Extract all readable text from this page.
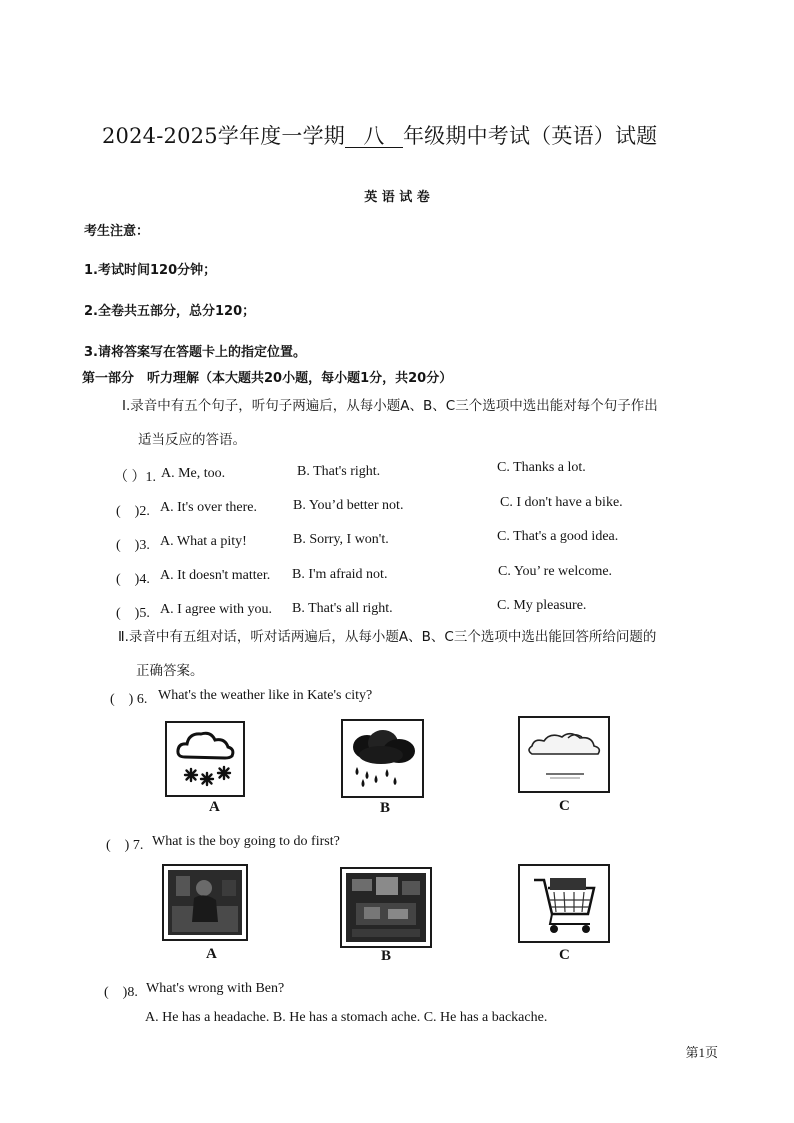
2024-2025学年度一学期 八 年级期中考试（英语）试题
英 语 试 卷
考生注意：
1.考试时间120分钟；
2.全卷共五部分，总分120；
3.请将答案写在答题卡上的指定位置。
第一部分　听力理解（本大题共20小题，每小题1分，共20分）
Ⅰ.录音中有五个句子，听句子两遍后，从每小题A、B、C三个选项中选出能对每个句子作出
适当反应的答语。
（ ）1. A. Me, too.	B. That's right.	C. Thanks a lot.
(　)2. A. It's over there.	B. You’d better not.	C. I don't have a bike.
(　)3. A. What a pity!	B. Sorry, I won't.	C. That's a good idea.
(　)4. A. It doesn't matter. B. I'm afraid not.	C. You’ re welcome.
(　)5. A. I agree with you. B. That's all right.	C. My pleasure.
Ⅱ.录音中有五组对话，听对话两遍后，从每小题A、B、C三个选项中选出能回答所给问题的
正确答案。
(　) 6. What's the weather like in Kate's city?
A	B	C
(　) 7. What is the boy going to do first?
A	B	C
(　)8. What's wrong with Ben?
A. He has a headache. B. He has a stomach ache. C. He has a backache.
第1页
